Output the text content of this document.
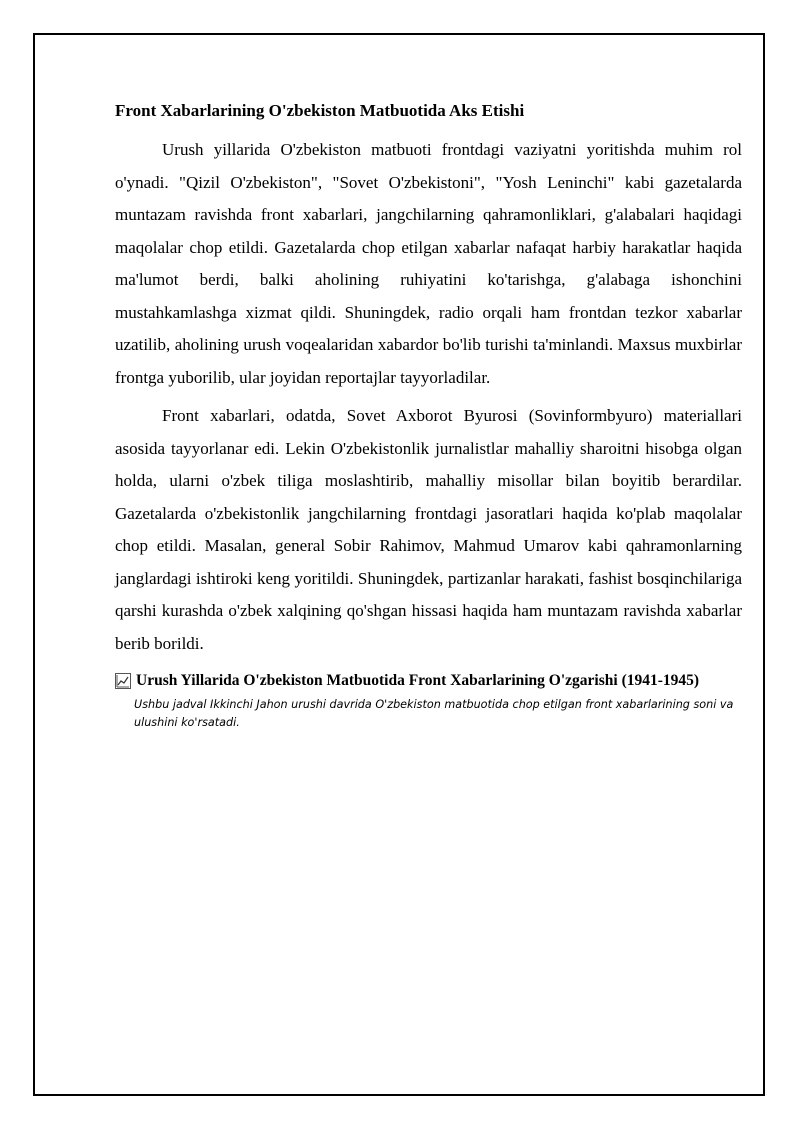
Front Xabarlarining O'zbekiston Matbuotida Aks Etishi

Urush yillarida O'zbekiston matbuoti frontdagi vaziyatni yoritishda muhim rol o'ynadi. "Qizil O'zbekiston", "Sovet O'zbekistoni", "Yosh Leninchi" kabi gazetalarda muntazam ravishda front xabarlari, jangchilarning qahramonliklari, g'alabalari haqidagi maqolalar chop etildi. Gazetalarda chop etilgan xabarlar nafaqat harbiy harakatlar haqida ma'lumot berdi, balki aholining ruhiyatini ko'tarishga, g'alabaga ishonchini mustahkamlashga xizmat qildi. Shuningdek, radio orqali ham frontdan tezkor xabarlar uzatilib, aholining urush voqealaridan xabardor bo'lib turishi ta'minlandi. Maxsus muxbirlar frontga yuborilib, ular joyidan reportajlar tayyorladilar.

Front xabarlari, odatda, Sovet Axborot Byurosi (Sovinformbyuro) materiallari asosida tayyorlanar edi. Lekin O'zbekistonlik jurnalistlar mahalliy sharoitni hisobga olgan holda, ularni o'zbek tiliga moslashtirib, mahalliy misollar bilan boyitib berardilar. Gazetalarda o'zbekistonlik jangchilarning frontdagi jasoratlari haqida ko'plab maqolalar chop etildi. Masalan, general Sobir Rahimov, Mahmud Umarov kabi qahramonlarning janglardagi ishtiroki keng yoritildi. Shuningdek, partizanlar harakati, fashist bosqinchilariga qarshi kurashda o'zbek xalqining qo'shgan hissasi haqida ham muntazam ravishda xabarlar berib borildi.

Urush Yillarida O'zbekiston Matbuotida Front Xabarlarining O'zgarishi (1941-1945)
Ushbu jadval Ikkinchi Jahon urushi davrida O'zbekiston matbuotida chop etilgan front xabarlarining soni va ulushini ko'rsatadi.
